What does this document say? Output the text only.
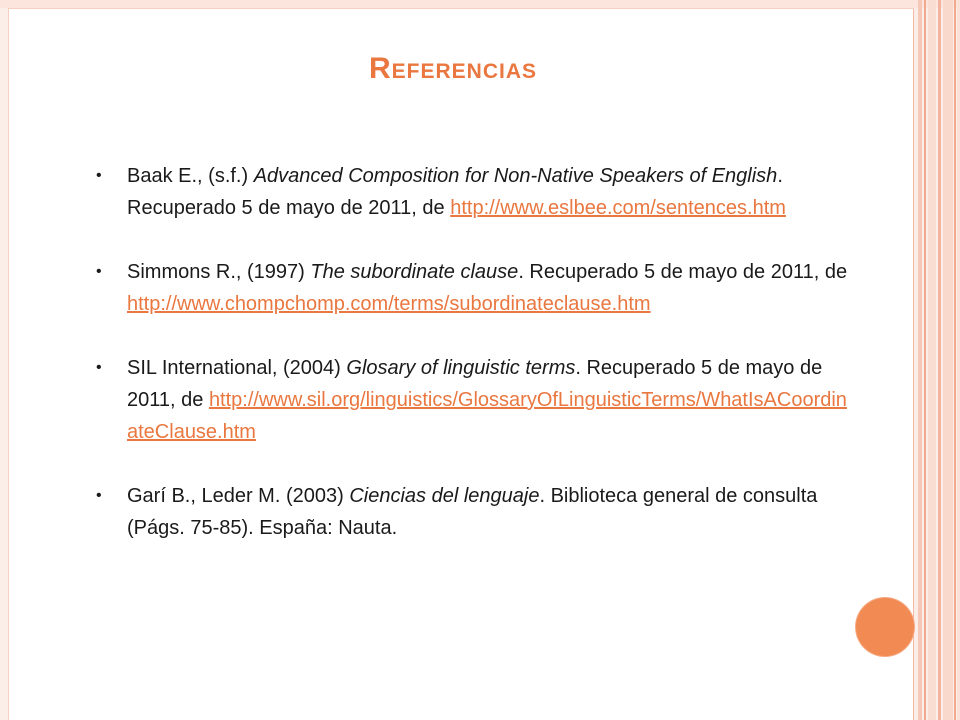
Referencias
• Baak E., (s.f.) Advanced Composition for Non-Native Speakers of English. Recuperado 5 de mayo de 2011, de http://www.eslbee.com/sentences.htm
• Simmons R., (1997) The subordinate clause. Recuperado 5 de mayo de 2011, de http://www.chompchomp.com/terms/subordinateclause.htm
• SIL International, (2004) Glosary of linguistic terms. Recuperado 5 de mayo de 2011, de http://www.sil.org/linguistics/GlossaryOfLinguisticTerms/WhatIsACoordinateClause.htm
• Garí B., Leder M. (2003) Ciencias del lenguaje. Biblioteca general de consulta (Págs. 75-85). España: Nauta.
